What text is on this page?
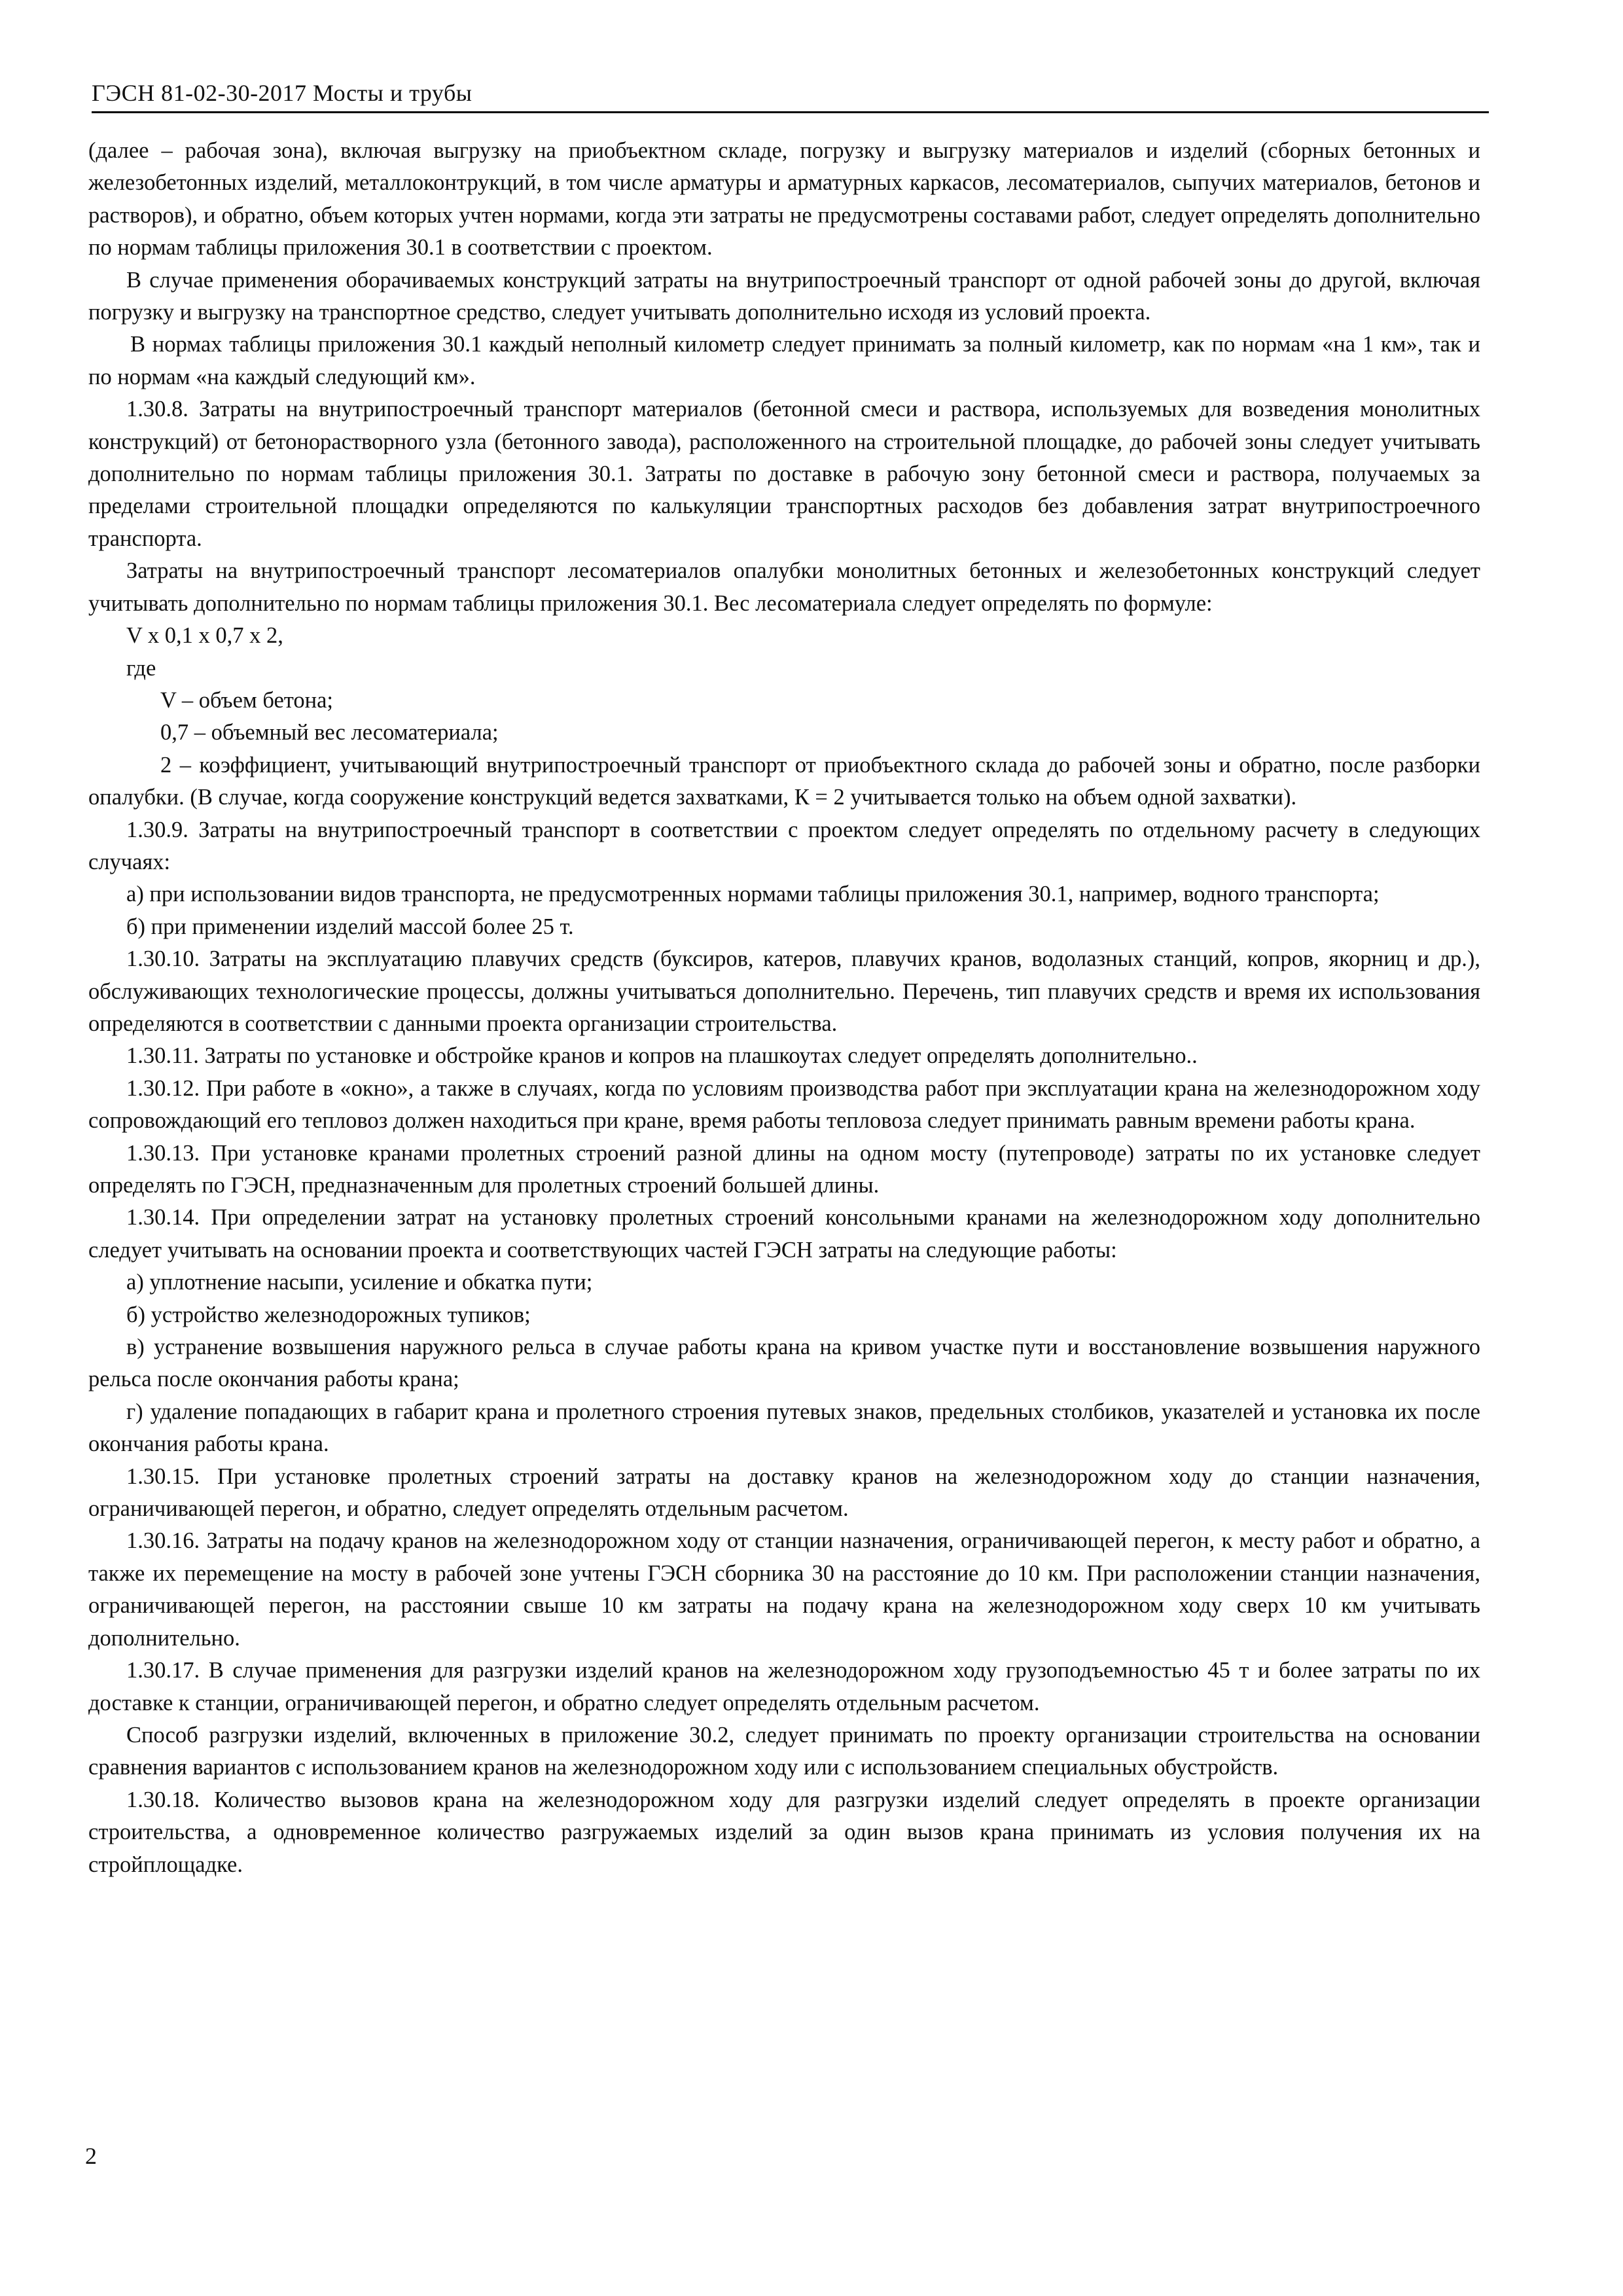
ГЭСН 81-02-30-2017 Мосты и трубы

(далее – рабочая зона), включая выгрузку на приобъектном складе, погрузку и выгрузку материалов и изделий (сборных бетонных и железобетонных изделий, металлоконтрукций, в том числе арматуры и арматурных каркасов, лесоматериалов, сыпучих материалов, бетонов и растворов), и обратно, объем которых учтен нормами, когда эти затраты не предусмотрены составами работ, следует определять дополнительно по нормам таблицы приложения 30.1 в соответствии с проектом.

В случае применения оборачиваемых конструкций затраты на внутрипостроечный транспорт от одной рабочей зоны до другой, включая погрузку и выгрузку на транспортное средство, следует учитывать дополнительно исходя из условий проекта.

В нормах таблицы приложения 30.1 каждый неполный километр следует принимать за полный километр, как по нормам «на 1 км», так и по нормам «на каждый следующий км».

1.30.8. Затраты на внутрипостроечный транспорт материалов (бетонной смеси и раствора, используемых для возведения монолитных конструкций) от бетонорастворного узла (бетонного завода), расположенного на строительной площадке, до рабочей зоны следует учитывать дополнительно по нормам таблицы приложения 30.1. Затраты по доставке в рабочую зону бетонной смеси и раствора, получаемых за пределами строительной площадки определяются по калькуляции транспортных расходов без добавления затрат внутрипостроечного транспорта.

Затраты на внутрипостроечный транспорт лесоматериалов опалубки монолитных бетонных и железобетонных конструкций следует учитывать дополнительно по нормам таблицы приложения 30.1. Вес лесоматериала следует определять по формуле:

V x 0,1 x 0,7 x 2,

где

V – объем бетона;

0,7 – объемный вес лесоматериала;

2 – коэффициент, учитывающий внутрипостроечный транспорт от приобъектного склада до рабочей зоны и обратно, после разборки опалубки. (В случае, когда сооружение конструкций ведется захватками, К = 2 учитывается только на объем одной захватки).

1.30.9. Затраты на внутрипостроечный транспорт в соответствии с проектом следует определять по отдельному расчету в следующих случаях:

а) при использовании видов транспорта, не предусмотренных нормами таблицы приложения 30.1, например, водного транспорта;

б) при применении изделий массой более 25 т.

1.30.10. Затраты на эксплуатацию плавучих средств (буксиров, катеров, плавучих кранов, водолазных станций, копров, якорниц и др.), обслуживающих технологические процессы, должны учитываться дополнительно. Перечень, тип плавучих средств и время их использования определяются в соответствии с данными проекта организации строительства.

1.30.11. Затраты по установке и обстройке кранов и копров на плашкоутах следует определять дополнительно..

1.30.12. При работе в «окно», а также в случаях, когда по условиям производства работ при эксплуатации крана на железнодорожном ходу сопровождающий его тепловоз должен находиться при кране, время работы тепловоза следует принимать равным времени работы крана.

1.30.13. При установке кранами пролетных строений разной длины на одном мосту (путепроводе) затраты по их установке следует определять по ГЭСН, предназначенным для пролетных строений большей длины.

1.30.14. При определении затрат на установку пролетных строений консольными кранами на железнодорожном ходу дополнительно следует учитывать на основании проекта и соответствующих частей ГЭСН затраты на следующие работы:

а) уплотнение насыпи, усиление и обкатка пути;

б) устройство железнодорожных тупиков;

в) устранение возвышения наружного рельса в случае работы крана на кривом участке пути и восстановление возвышения наружного рельса после окончания работы крана;

г) удаление попадающих в габарит крана и пролетного строения путевых знаков, предельных столбиков, указателей и установка их после окончания работы крана.

1.30.15. При установке пролетных строений затраты на доставку кранов на железнодорожном ходу до станции назначения, ограничивающей перегон, и обратно, следует определять отдельным расчетом.

1.30.16. Затраты на подачу кранов на железнодорожном ходу от станции назначения, ограничивающей перегон, к месту работ и обратно, а также их перемещение на мосту в рабочей зоне учтены ГЭСН сборника 30 на расстояние до 10 км. При расположении станции назначения, ограничивающей перегон, на расстоянии свыше 10 км затраты на подачу крана на железнодорожном ходу сверх 10 км учитывать дополнительно.

1.30.17. В случае применения для разгрузки изделий кранов на железнодорожном ходу грузоподъемностью 45 т и более затраты по их доставке к станции, ограничивающей перегон, и обратно следует определять отдельным расчетом.

Способ разгрузки изделий, включенных в приложение 30.2, следует принимать по проекту организации строительства на основании сравнения вариантов с использованием кранов на железнодорожном ходу или с использованием специальных обустройств.

1.30.18. Количество вызовов крана на железнодорожном ходу для разгрузки изделий следует определять в проекте организации строительства, а одновременное количество разгружаемых изделий за один вызов крана принимать из условия получения их на стройплощадке.

2
